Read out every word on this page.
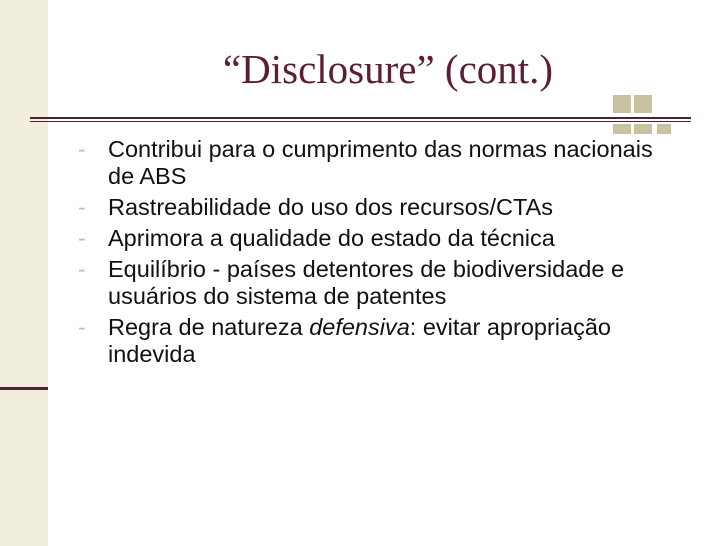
“Disclosure” (cont.)
- Contribui para o cumprimento das normas nacionais de ABS
- Rastreabilidade do uso dos recursos/CTAs
- Aprimora a qualidade do estado da técnica
- Equilíbrio - países detentores de biodiversidade e usuários do sistema de patentes
- Regra de natureza defensiva: evitar apropriação indevida
